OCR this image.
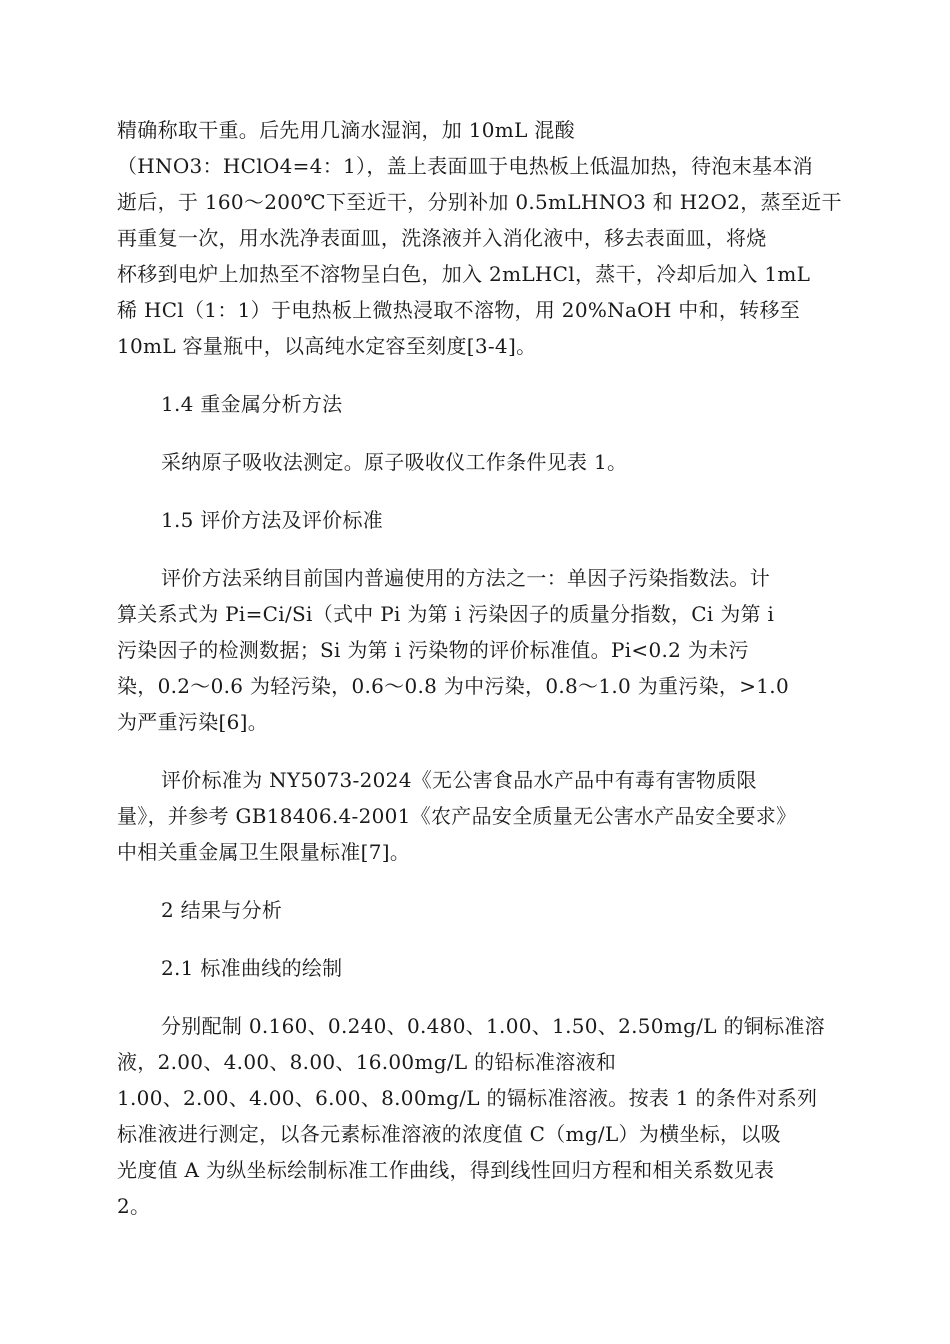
精确称取干重。后先用几滴水湿润，加 10mL 混酸
（HNO3：HClO4=4：1），盖上表面皿于电热板上低温加热，待泡末基本消
逝后，于 160～200℃下至近干，分别补加 0.5mLHNO3 和 H2O2，蒸至近干
再重复一次，用水洗净表面皿，洗涤液并入消化液中，移去表面皿，将烧
杯移到电炉上加热至不溶物呈白色，加入 2mLHCl，蒸干，冷却后加入 1mL
稀 HCl（1：1）于电热板上微热浸取不溶物，用 20%NaOH 中和，转移至
10mL 容量瓶中，以高纯水定容至刻度[3-4]。
1.4 重金属分析方法
采纳原子吸收法测定。原子吸收仪工作条件见表 1。
1.5 评价方法及评价标准
评价方法采纳目前国内普遍使用的方法之一：单因子污染指数法。计
算关系式为 Pi=Ci/Si（式中 Pi 为第 i 污染因子的质量分指数，Ci 为第 i
污染因子的检测数据；Si 为第 i 污染物的评价标准值。Pi<0.2 为未污
染，0.2～0.6 为轻污染，0.6～0.8 为中污染，0.8～1.0 为重污染，>1.0
为严重污染[6]。
评价标准为 NY5073-2024《无公害食品水产品中有毒有害物质限
量》，并参考 GB18406.4-2001《农产品安全质量无公害水产品安全要求》
中相关重金属卫生限量标准[7]。
2 结果与分析
2.1 标准曲线的绘制
分别配制 0.160、0.240、0.480、1.00、1.50、2.50mg/L 的铜标准溶
液，2.00、4.00、8.00、16.00mg/L 的铅标准溶液和
1.00、2.00、4.00、6.00、8.00mg/L 的镉标准溶液。按表 1 的条件对系列
标准液进行测定，以各元素标准溶液的浓度值 C（mg/L）为横坐标，以吸
光度值 A 为纵坐标绘制标准工作曲线，得到线性回归方程和相关系数见表
2。
